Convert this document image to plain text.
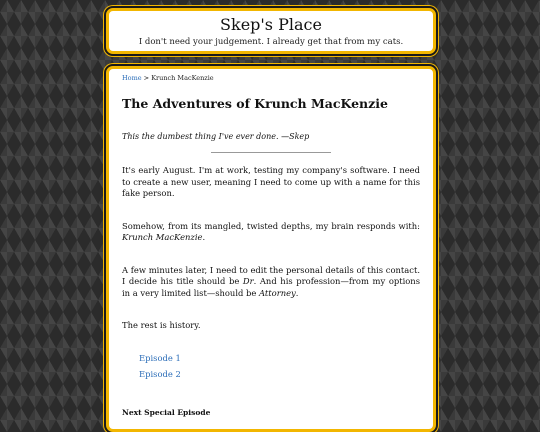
Skep's Place
I don't need your judgement. I already get that from my cats.
Home > Krunch MacKenzie
The Adventures of Krunch MacKenzie
This the dumbest thing I've ever done. —Skep

It's early August. I'm at work, testing my company's software. I need to create a new user, meaning I need to come up with a name for this fake person.

Somehow, from its mangled, twisted depths, my brain responds with: Krunch MacKenzie.

A few minutes later, I need to edit the personal details of this contact. I decide his title should be Dr. And his profession—from my options in a very limited list—should be Attorney.

The rest is history.

Episode 1
Episode 2
Next Special Episode
